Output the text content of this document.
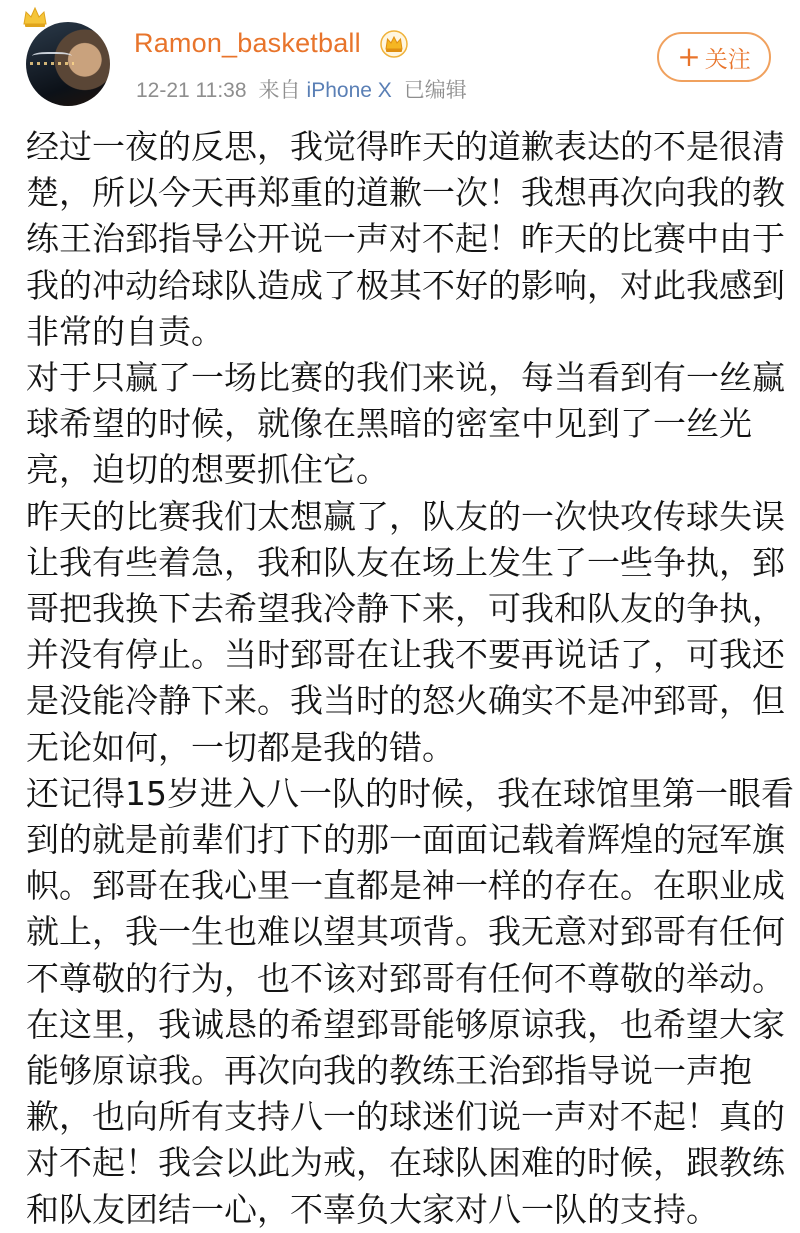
Ramon_basketball
12-21 11:38 来自 iPhone X 已编辑
+ 关注

经过一夜的反思，我觉得昨天的道歉表达的不是很清

楚，所以今天再郑重的道歉一次！我想再次向我的教

练王治郅指导公开说一声对不起！昨天的比赛中由于

我的冲动给球队造成了极其不好的影响，对此我感到

非常的自责。

对于只赢了一场比赛的我们来说，每当看到有一丝赢

球希望的时候，就像在黑暗的密室中见到了一丝光

亮，迫切的想要抓住它。

昨天的比赛我们太想赢了，队友的一次快攻传球失误

让我有些着急，我和队友在场上发生了一些争执，郅

哥把我换下去希望我冷静下来，可我和队友的争执，

并没有停止。当时郅哥在让我不要再说话了，可我还

是没能冷静下来。我当时的怒火确实不是冲郅哥，但

无论如何，一切都是我的错。

还记得15岁进入八一队的时候，我在球馆里第一眼看

到的就是前辈们打下的那一面面记载着辉煌的冠军旗

帜。郅哥在我心里一直都是神一样的存在。在职业成

就上，我一生也难以望其项背。我无意对郅哥有任何

不尊敬的行为，也不该对郅哥有任何不尊敬的举动。

在这里，我诚恳的希望郅哥能够原谅我，也希望大家

能够原谅我。再次向我的教练王治郅指导说一声抱

歉，也向所有支持八一的球迷们说一声对不起！真的

对不起！我会以此为戒，在球队困难的时候，跟教练

和队友团结一心，不辜负大家对八一队的支持。
